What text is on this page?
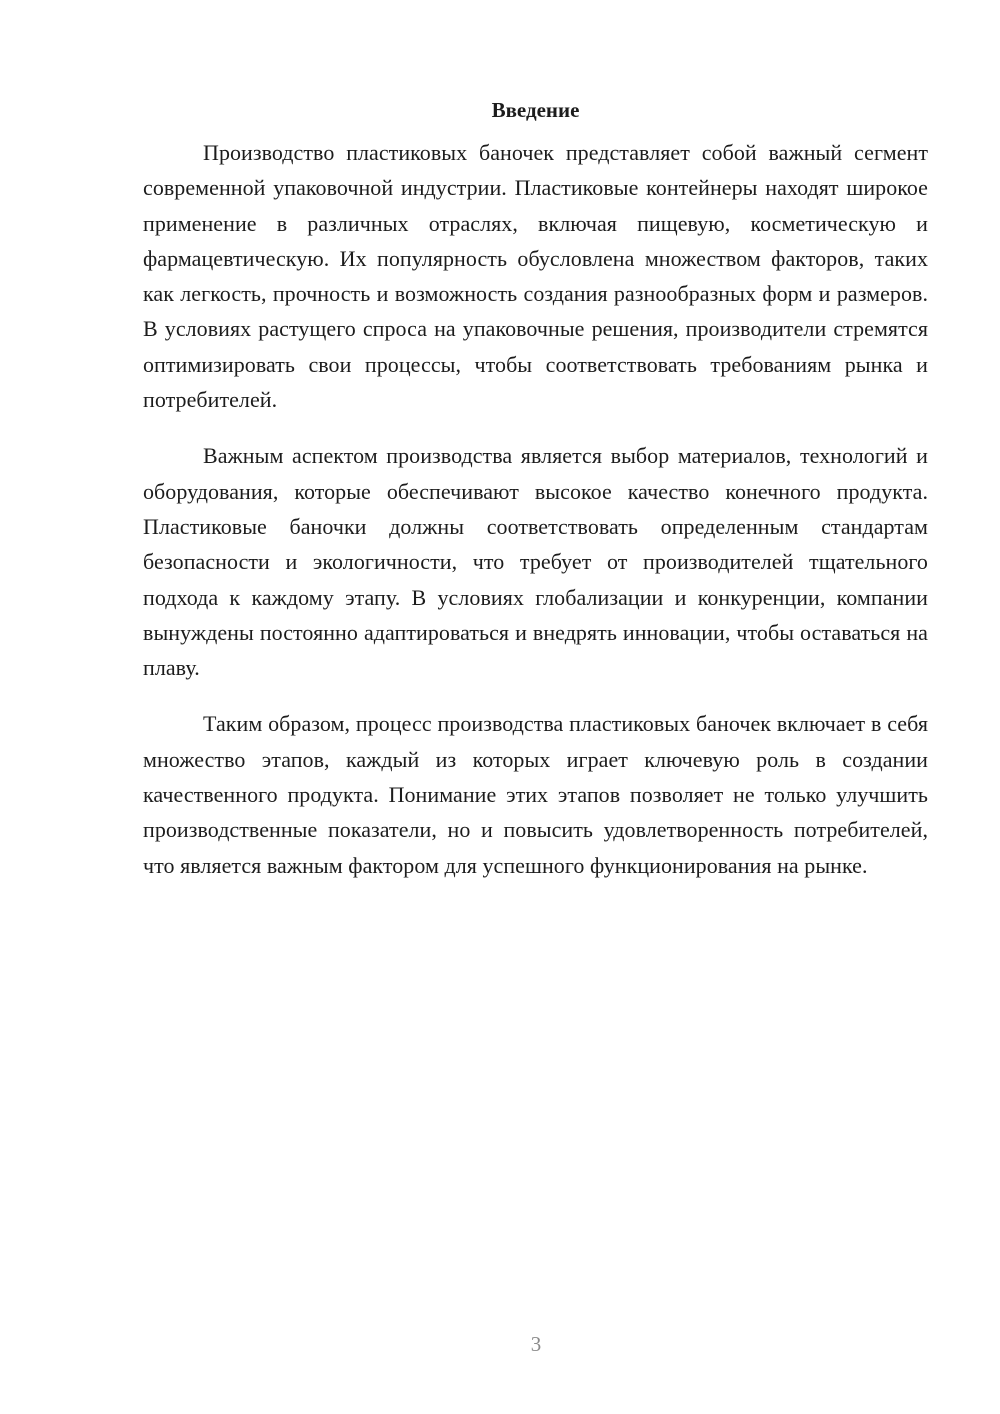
Введение

Производство пластиковых баночек представляет собой важный сегмент современной упаковочной индустрии. Пластиковые контейнеры находят широкое применение в различных отраслях, включая пищевую, косметическую и фармацевтическую. Их популярность обусловлена множеством факторов, таких как легкость, прочность и возможность создания разнообразных форм и размеров. В условиях растущего спроса на упаковочные решения, производители стремятся оптимизировать свои процессы, чтобы соответствовать требованиям рынка и потребителей.

Важным аспектом производства является выбор материалов, технологий и оборудования, которые обеспечивают высокое качество конечного продукта. Пластиковые баночки должны соответствовать определенным стандартам безопасности и экологичности, что требует от производителей тщательного подхода к каждому этапу. В условиях глобализации и конкуренции, компании вынуждены постоянно адаптироваться и внедрять инновации, чтобы оставаться на плаву.

Таким образом, процесс производства пластиковых баночек включает в себя множество этапов, каждый из которых играет ключевую роль в создании качественного продукта. Понимание этих этапов позволяет не только улучшить производственные показатели, но и повысить удовлетворенность потребителей, что является важным фактором для успешного функционирования на рынке.

3
